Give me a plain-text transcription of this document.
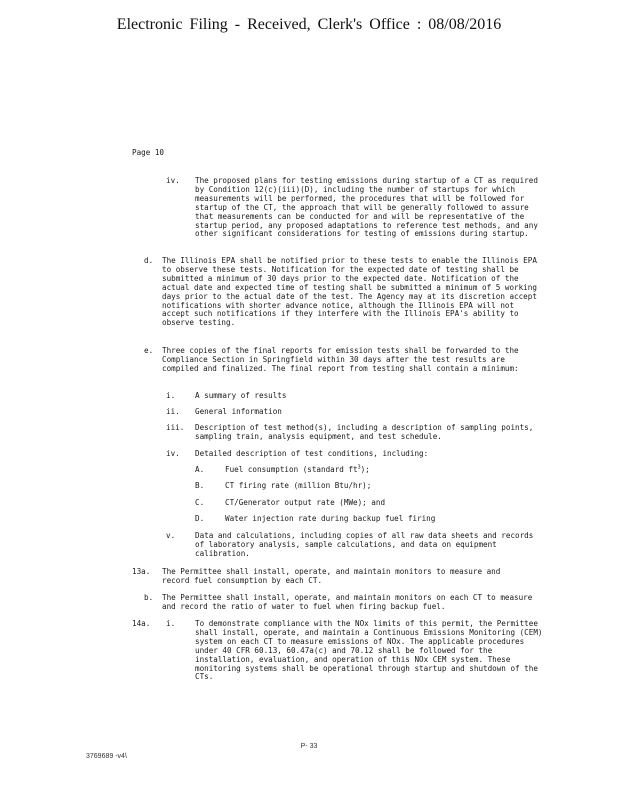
Electronic Filing - Received, Clerk's Office : 08/08/2016
Page 10
iv. The proposed plans for testing emissions during startup of a CT as required by Condition 12(c)(iii)(D), including the number of startups for which measurements will be performed, the procedures that will be followed for startup of the CT, the approach that will be generally followed to assure that measurements can be conducted for and will be representative of the startup period, any proposed adaptations to reference test methods, and any other significant considerations for testing of emissions during startup.
d. The Illinois EPA shall be notified prior to these tests to enable the Illinois EPA to observe these tests. Notification for the expected date of testing shall be submitted a minimum of 30 days prior to the expected date. Notification of the actual date and expected time of testing shall be submitted a minimum of 5 working days prior to the actual date of the test. The Agency may at its discretion accept notifications with shorter advance notice, although the Illinois EPA will not accept such notifications if they interfere with the Illinois EPA's ability to observe testing.
e. Three copies of the final reports for emission tests shall be forwarded to the Compliance Section in Springfield within 30 days after the test results are compiled and finalized. The final report from testing shall contain a minimum:
i.	A summary of results
ii. General information
iii. Description of test method(s), including a description of sampling points, sampling train, analysis equipment, and test schedule.
iv. Detailed description of test conditions, including:
A.	Fuel consumption (standard $ft^3$);
B.	CT firing rate (million Btu/hr);
C.	CT/Generator output rate (MWe); and
D.	Water injection rate during backup fuel firing
v.	Data and calculations, including copies of all raw data sheets and records of laboratory analysis, sample calculations, and data on equipment calibration.
13a. The Permittee shall install, operate, and maintain monitors to measure and record fuel consumption by each CT.
b. The Permittee shall install, operate, and maintain monitors on each CT to measure and record the ratio of water to fuel when firing backup fuel.
14a. i.	To demonstrate compliance with the NOx limits of this permit, the Permittee shall install, operate, and maintain a Continuous Emissions Monitoring (CEM) system on each CT to measure emissions of NOx. The applicable procedures under 40 CFR 60.13, 60.47a(c) and 70.12 shall be followed for the installation, evaluation, and operation of this NOx CEM system. These monitoring systems shall be operational through startup and shutdown of the CTs.
P- 33
3769689 -v4\
